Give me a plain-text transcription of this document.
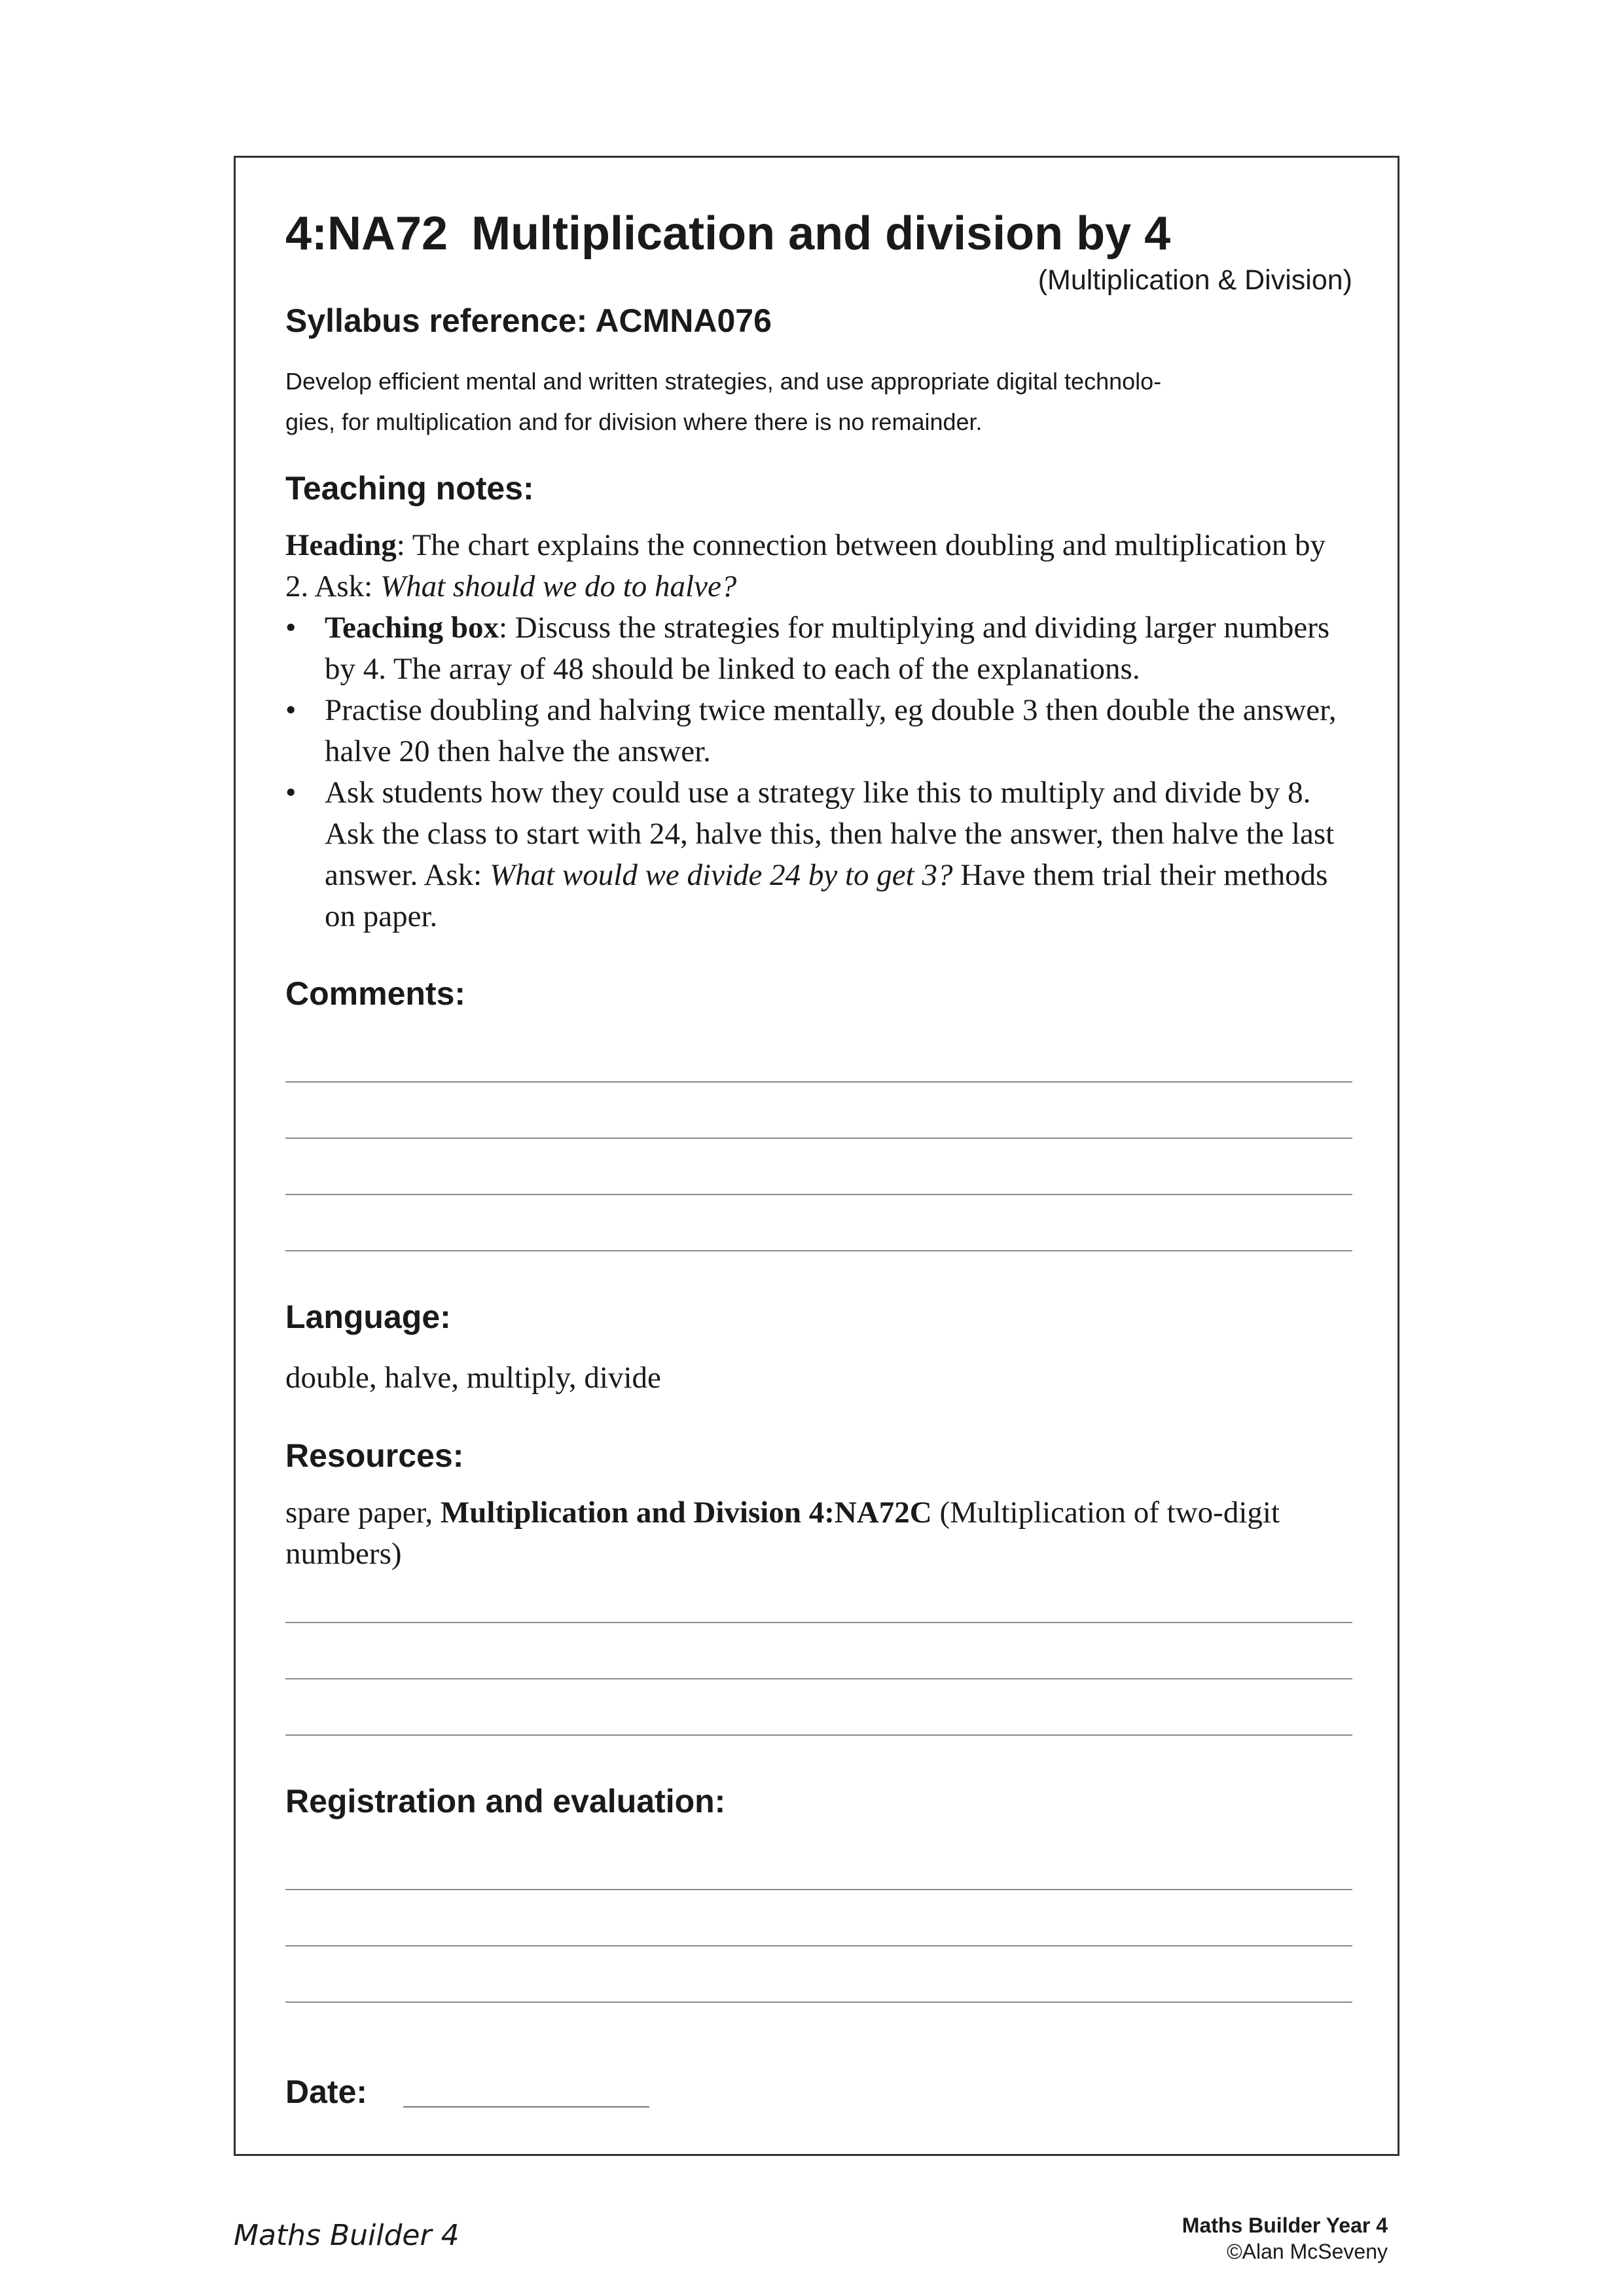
4:NA72 Multiplication and division by 4
(Multiplication & Division)
Syllabus reference: ACMNA076
Develop efficient mental and written strategies, and use appropriate digital technolo-
gies, for multiplication and for division where there is no remainder.
Teaching notes:
Heading: The chart explains the connection between doubling and multiplication by 2. Ask: What should we do to halve?
• Teaching box: Discuss the strategies for multiplying and dividing larger numbers by 4. The array of 48 should be linked to each of the explanations.
• Practise doubling and halving twice mentally, eg double 3 then double the answer, halve 20 then halve the answer.
• Ask students how they could use a strategy like this to multiply and divide by 8. Ask the class to start with 24, halve this, then halve the answer, then halve the last answer. Ask: What would we divide 24 by to get 3? Have them trial their methods on paper.
Comments:
Language:
double, halve, multiply, divide
Resources:
spare paper, Multiplication and Division 4:NA72C (Multiplication of two-digit numbers)
Registration and evaluation:
Date:
Maths Builder 4	Maths Builder Year 4
©Alan McSeveny
